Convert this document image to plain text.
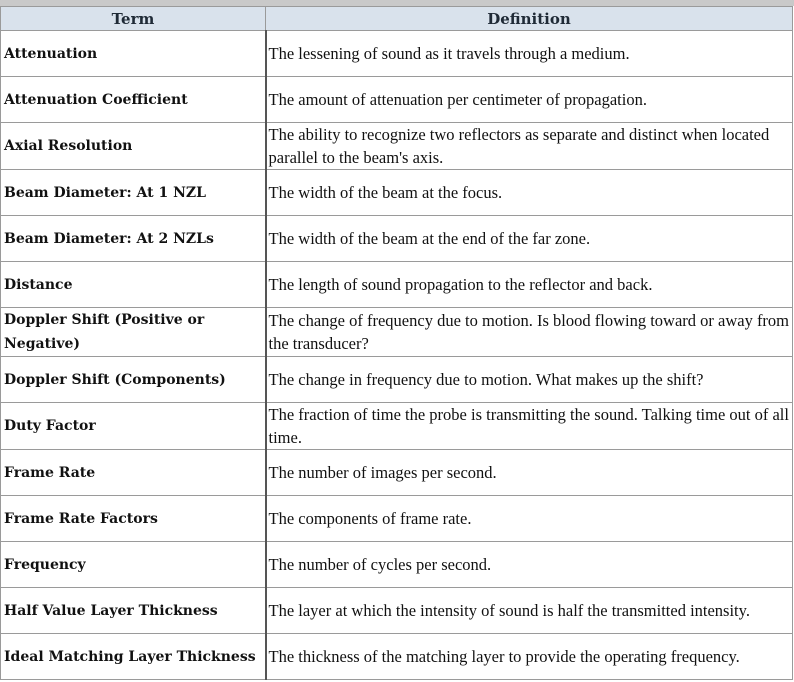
Term	Definition
Attenuation	The lessening of sound as it travels through a medium.
Attenuation Coefficient	The amount of attenuation per centimeter of propagation.
Axial Resolution	The ability to recognize two reflectors as separate and distinct when located parallel to the beam's axis.
Beam Diameter: At 1 NZL	The width of the beam at the focus.
Beam Diameter: At 2 NZLs	The width of the beam at the end of the far zone.
Distance	The length of sound propagation to the reflector and back.
Doppler Shift (Positive or Negative)	The change of frequency due to motion. Is blood flowing toward or away from the transducer?
Doppler Shift (Components)	The change in frequency due to motion. What makes up the shift?
Duty Factor	The fraction of time the probe is transmitting the sound. Talking time out of all time.
Frame Rate	The number of images per second.
Frame Rate Factors	The components of frame rate.
Frequency	The number of cycles per second.
Half Value Layer Thickness	The layer at which the intensity of sound is half the transmitted intensity.
Ideal Matching Layer Thickness	The thickness of the matching layer to provide the operating frequency.
